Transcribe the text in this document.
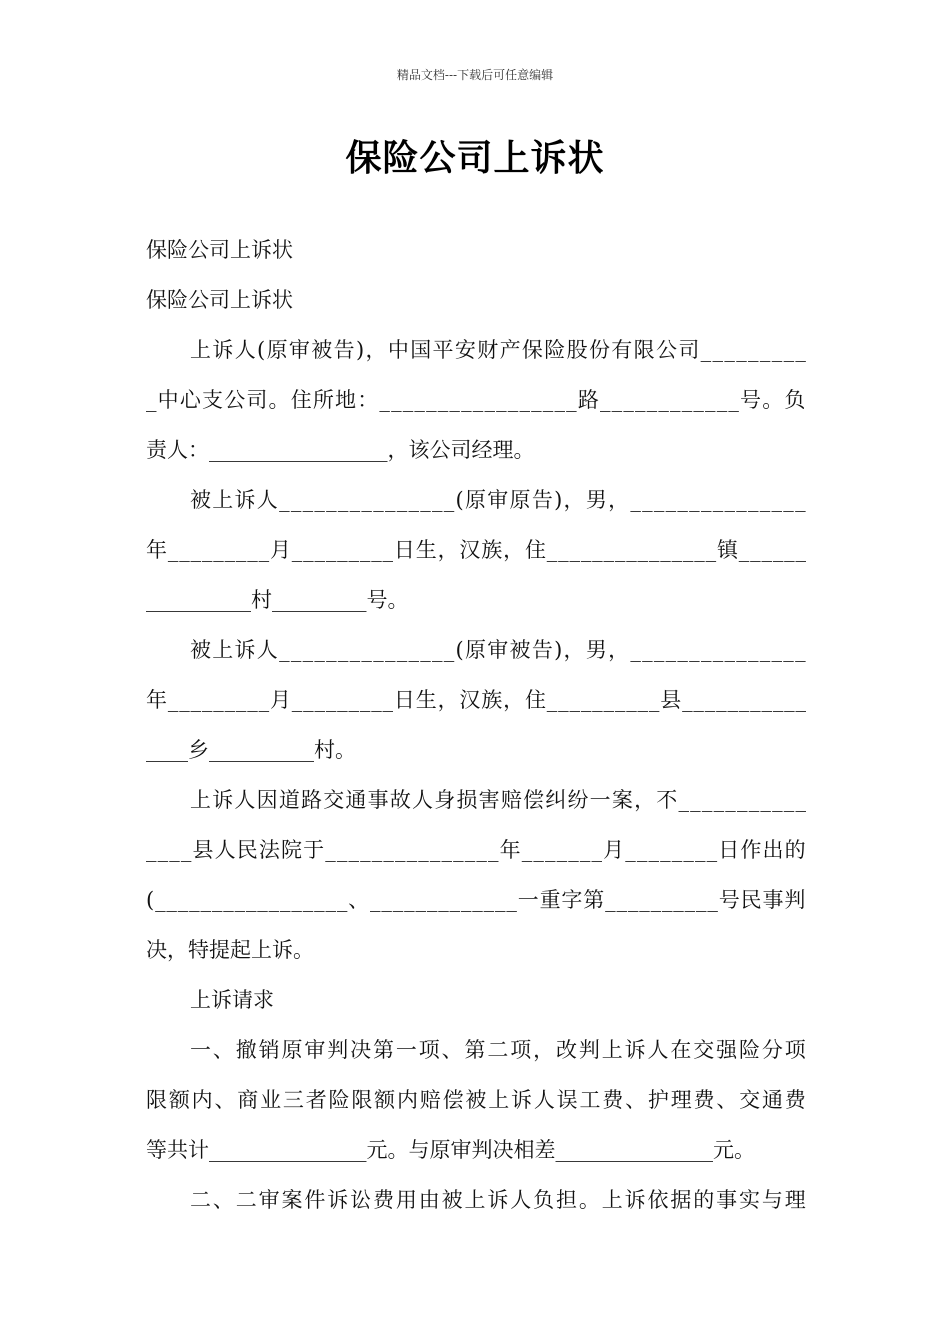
精品文档---下载后可任意编辑
保险公司上诉状
保险公司上诉状
保险公司上诉状
上 诉 人 ( 原 审 被 告 ) ， 中 国 平 安 财 产 保 险 股 份 有 限 公 司 _ _ _ _ _ _ _ _ _
_ 中 心 支 公 司 。 住 所 地 ： _ _ _ _ _ _ _ _ _ _ _ _ _ _ _ _ _ 路 _ _ _ _ _ _ _ _ _ _ _ _ 号 。 负
责人：_________________，该公司经理。
被 上 诉 人 _ _ _ _ _ _ _ _ _ _ _ _ _ _ _ ( 原 审 原 告 ) ， 男 ， _ _ _ _ _ _ _ _ _ _ _ _ _ _ _
年 _ _ _ _ _ _ _ _ _ 月 _ _ _ _ _ _ _ _ _ 日 生 ， 汉 族 ， 住 _ _ _ _ _ _ _ _ _ _ _ _ _ _ _ 镇 _ _ _ _ _ _
__________村_________号。
被 上 诉 人 _ _ _ _ _ _ _ _ _ _ _ _ _ _ _ ( 原 审 被 告 ) ， 男 ， _ _ _ _ _ _ _ _ _ _ _ _ _ _ _
年 _ _ _ _ _ _ _ _ _ 月 _ _ _ _ _ _ _ _ _ 日 生 ， 汉 族 ， 住 _ _ _ _ _ _ _ _ _ _ 县 _ _ _ _ _ _ _ _ _ _ _
____乡__________村。
上 诉 人 因 道 路 交 通 事 故 人 身 损 害 赔 偿 纠 纷 一 案 ， 不 _ _ _ _ _ _ _ _ _ _ _
_ _ _ _ 县 人 民 法 院 于 _ _ _ _ _ _ _ _ _ _ _ _ _ _ _ 年 _ _ _ _ _ _ _ 月 _ _ _ _ _ _ _ _ 日 作 出 的
( _ _ _ _ _ _ _ _ _ _ _ _ _ _ _ _ _ 、 _ _ _ _ _ _ _ _ _ _ _ _ _ 一 重 字 第 _ _ _ _ _ _ _ _ _ _ 号 民 事 判
决，特提起上诉。
上诉请求
一 、 撤 销 原 审 判 决 第 一 项 、 第 二 项 ， 改 判 上 诉 人 在 交 强 险 分 项
限 额 内 、 商 业 三 者 险 限 额 内 赔 偿 被 上 诉 人 误 工 费 、 护 理 费 、 交 通 费
等共计_______________元。与原审判决相差_______________元。
二 、 二 审 案 件 诉 讼 费 用 由 被 上 诉 人 负 担 。 上 诉 依 据 的 事 实 与 理
